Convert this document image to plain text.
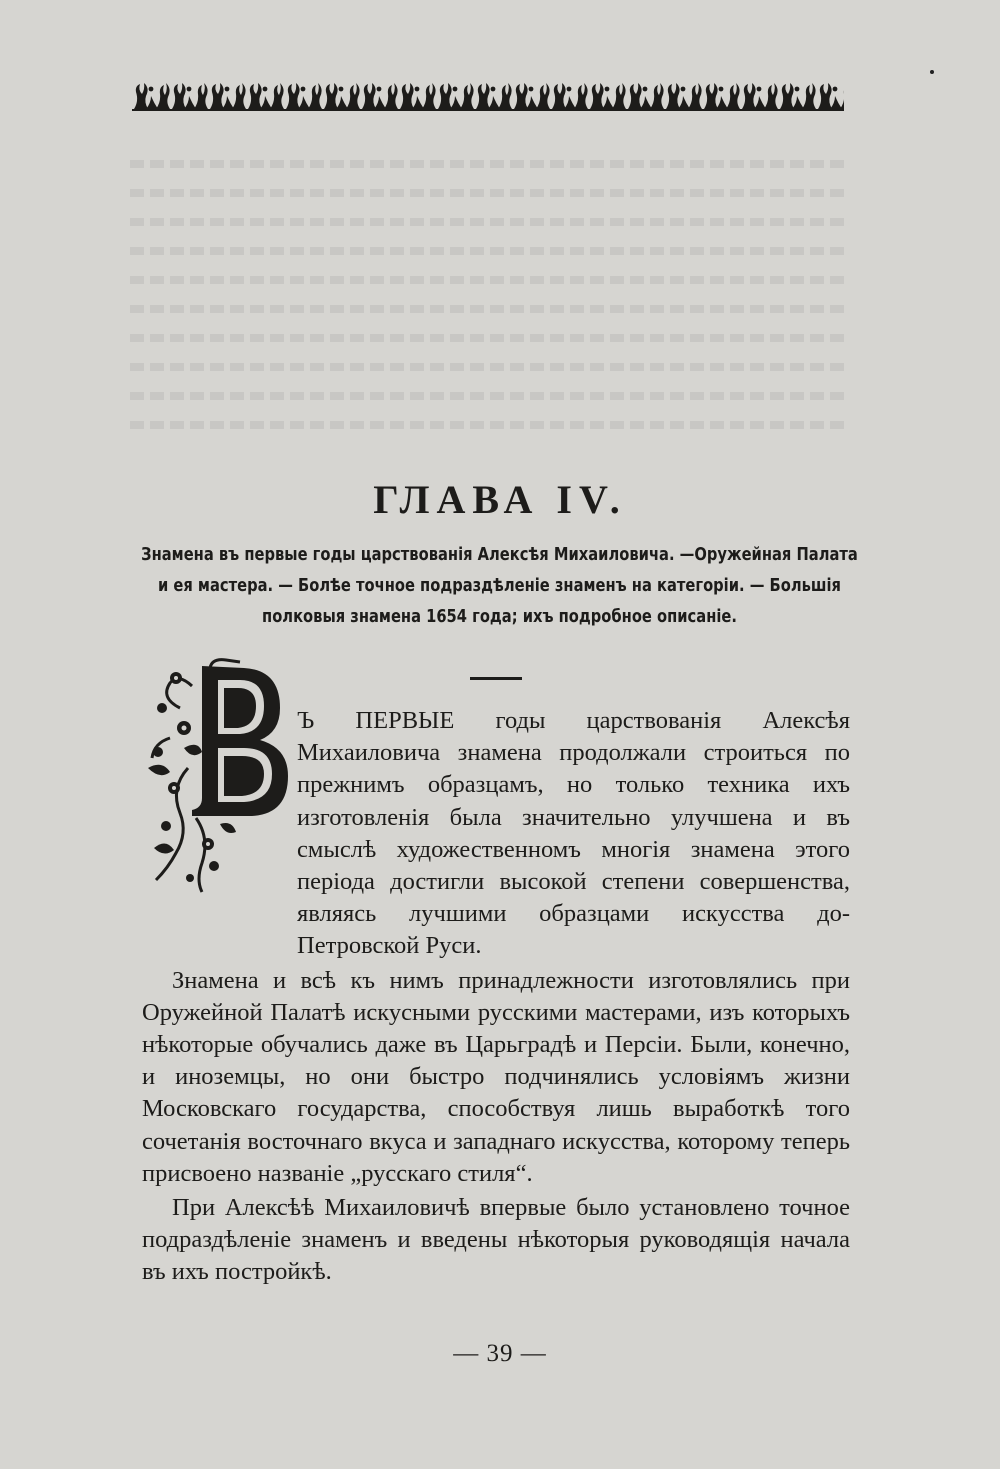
ГЛАВА IV.
Знамена въ первые годы царствованія Алексѣя Михаиловича. —Оружейная Палата и ея мастера. — Болѣе точное подраздѣленіе знаменъ на категоріи. — Большія полковыя знамена 1654 года; ихъ подробное описаніе.

Ъ ПЕРВЫЕ годы царствованія Алексѣя Михаиловича знамена продолжали строиться по прежнимъ образцамъ, но только техника ихъ изготовленія была значительно улучшена и въ смыслѣ художественномъ многія знамена этого періода достигли высокой степени совершенства, являясь лучшими образцами искусства до-Петровской Руси.

Знамена и всѣ къ нимъ принадлежности изготовлялись при Оружейной Палатѣ искусными русскими мастерами, изъ которыхъ нѣкоторые обучались даже въ Царьградѣ и Персіи. Были, конечно, и иноземцы, но они быстро подчинялись условіямъ жизни Московскаго государства, способствуя лишь выработкѣ того сочетанія восточнаго вкуса и западнаго искусства, которому теперь присвоено названіе „русскаго стиля“.

При Алексѣѣ Михаиловичѣ впервые было установлено точное подраздѣленіе знаменъ и введены нѣкоторыя руководящія начала въ ихъ постройкѣ.

— 39 —
